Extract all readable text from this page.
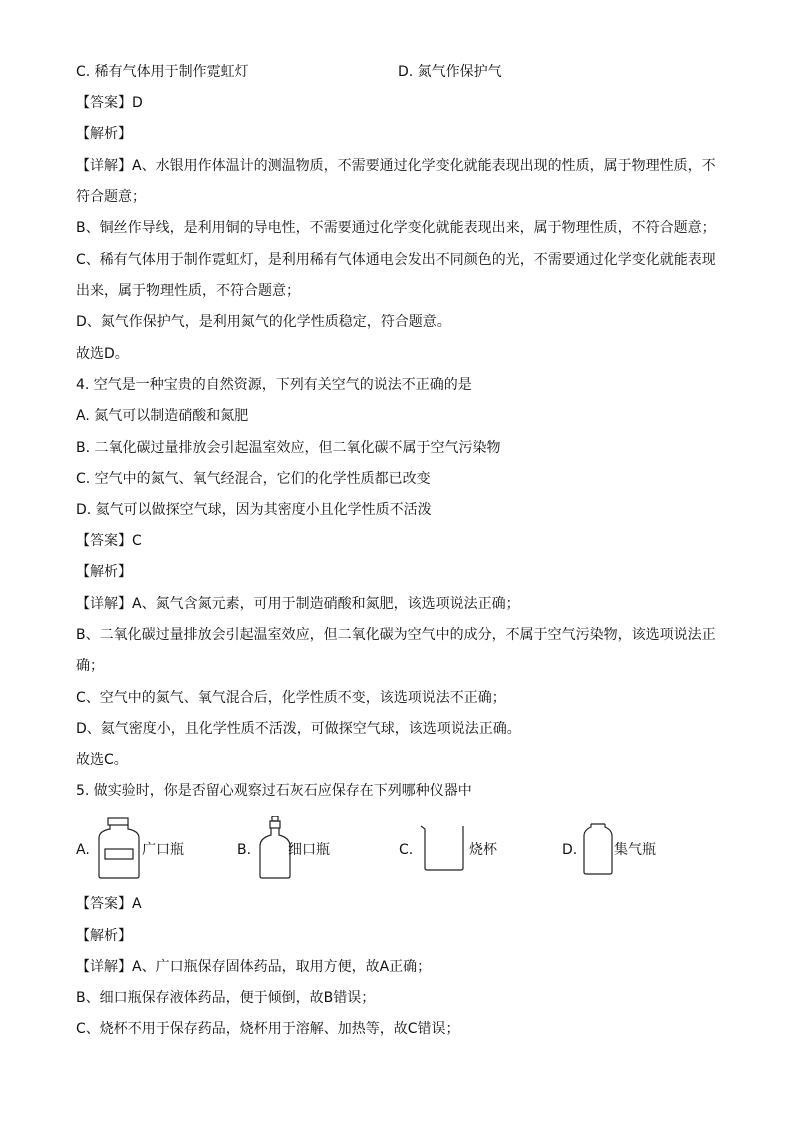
C. 稀有气体用于制作霓虹灯	D. 氮气作保护气
【答案】D
【解析】
【详解】A、水银用作体温计的测温物质，不需要通过化学变化就能表现出现的性质，属于物理性质，不
符合题意；
B、铜丝作导线，是利用铜的导电性，不需要通过化学变化就能表现出来，属于物理性质，不符合题意；
C、稀有气体用于制作霓虹灯，是利用稀有气体通电会发出不同颜色的光，不需要通过化学变化就能表现
出来，属于物理性质，不符合题意；
D、氮气作保护气，是利用氮气的化学性质稳定，符合题意。
故选D。
4. 空气是一种宝贵的自然资源，下列有关空气的说法不正确的是
A. 氮气可以制造硝酸和氮肥
B. 二氧化碳过量排放会引起温室效应，但二氧化碳不属于空气污染物
C. 空气中的氮气、氧气经混合，它们的化学性质都已改变
D. 氦气可以做探空气球，因为其密度小且化学性质不活泼
【答案】C
【解析】
【详解】A、氮气含氮元素，可用于制造硝酸和氮肥，该选项说法正确；
B、二氧化碳过量排放会引起温室效应，但二氧化碳为空气中的成分，不属于空气污染物，该选项说法正
确；
C、空气中的氮气、氧气混合后，化学性质不变，该选项说法不正确；
D、氦气密度小，且化学性质不活泼，可做探空气球，该选项说法正确。
故选C。
5. 做实验时，你是否留心观察过石灰石应保存在下列哪种仪器中
A.	广口瓶	B.	细口瓶	C.	烧杯	D.	集气瓶
【答案】A
【解析】
【详解】A、广口瓶保存固体药品，取用方便，故A正确；
B、细口瓶保存液体药品，便于倾倒，故B错误；
C、烧杯不用于保存药品，烧杯用于溶解、加热等，故C错误；
